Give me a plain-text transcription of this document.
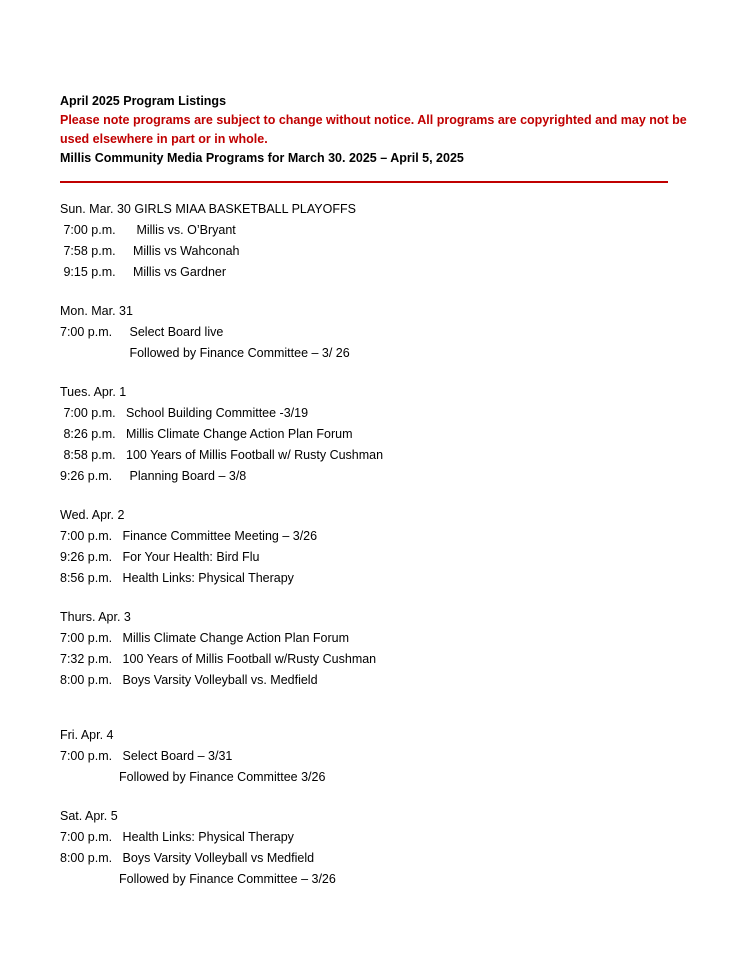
April 2025 Program Listings
Please note programs are subject to change without notice. All programs are copyrighted and may not be used elsewhere in part or in whole.
Millis Community Media Programs for March 30. 2025 – April 5, 2025
Sun. Mar. 30 GIRLS MIAA BASKETBALL PLAYOFFS
7:00 p.m. Millis vs. O’Bryant
7:58 p.m. Millis vs Wahconah
9:15 p.m. Millis vs Gardner
Mon. Mar. 31
7:00 p.m. Select Board live
Followed by Finance Committee – 3/ 26
Tues. Apr. 1
7:00 p.m. School Building Committee -3/19
8:26 p.m. Millis Climate Change Action Plan Forum
8:58 p.m. 100 Years of Millis Football w/ Rusty Cushman
9:26 p.m. Planning Board – 3/8
Wed. Apr. 2
7:00 p.m. Finance Committee Meeting – 3/26
9:26 p.m. For Your Health: Bird Flu
8:56 p.m. Health Links: Physical Therapy
Thurs. Apr. 3
7:00 p.m. Millis Climate Change Action Plan Forum
7:32 p.m. 100 Years of Millis Football w/Rusty Cushman
8:00 p.m. Boys Varsity Volleyball vs. Medfield
Fri. Apr. 4
7:00 p.m. Select Board – 3/31
Followed by Finance Committee 3/26
Sat. Apr. 5
7:00 p.m. Health Links: Physical Therapy
8:00 p.m. Boys Varsity Volleyball vs Medfield
Followed by Finance Committee – 3/26
